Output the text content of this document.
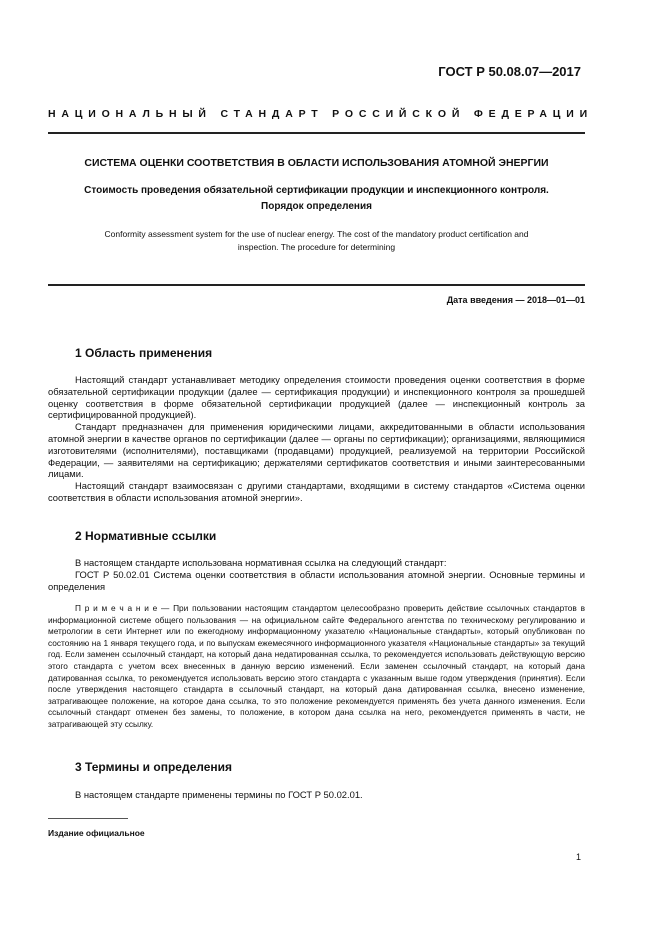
ГОСТ Р 50.08.07—2017
НАЦИОНАЛЬНЫЙ СТАНДАРТ РОССИЙСКОЙ ФЕДЕРАЦИИ
СИСТЕМА ОЦЕНКИ СООТВЕТСТВИЯ В ОБЛАСТИ ИСПОЛЬЗОВАНИЯ АТОМНОЙ ЭНЕРГИИ
Стоимость проведения обязательной сертификации продукции и инспекционного контроля.
Порядок определения
Conformity assessment system for the use of nuclear energy. The cost of the mandatory product certification and
inspection. The procedure for determining
Дата введения — 2018—01—01
1 Область применения

Настоящий стандарт устанавливает методику определения стоимости проведения оценки соответствия в форме обязательной сертификации продукции (далее — сертификация продукции) и инспекционного контроля за прошедшей оценку соответствия в форме обязательной сертификации продукцией (далее — инспекционный контроль за сертифицированной продукцией).

Стандарт предназначен для применения юридическими лицами, аккредитованными в области использования атомной энергии в качестве органов по сертификации (далее — органы по сертификации); организациями, являющимися изготовителями (исполнителями), поставщиками (продавцами) продукцией, реализуемой на территории Российской Федерации, — заявителями на сертификацию; держателями сертификатов соответствия и иными заинтересованными лицами.

Настоящий стандарт взаимосвязан с другими стандартами, входящими в систему стандартов «Система оценки соответствия в области использования атомной энергии».

2 Нормативные ссылки

В настоящем стандарте использована нормативная ссылка на следующий стандарт:

ГОСТ Р 50.02.01 Система оценки соответствия в области использования атомной энергии. Основные термины и определения

П р и м е ч а н и е — При пользовании настоящим стандартом целесообразно проверить действие ссылочных стандартов в информационной системе общего пользования — на официальном сайте Федерального агентства по техническому регулированию и метрологии в сети Интернет или по ежегодному информационному указателю «Национальные стандарты», который опубликован по состоянию на 1 января текущего года, и по выпускам ежемесячного информационного указателя «Национальные стандарты» за текущий год. Если заменен ссылочный стандарт, на который дана недатированная ссылка, то рекомендуется использовать действующую версию этого стандарта с учетом всех внесенных в данную версию изменений. Если заменен ссылочный стандарт, на который дана датированная ссылка, то рекомендуется использовать версию этого стандарта с указанным выше годом утверждения (принятия). Если после утверждения настоящего стандарта в ссылочный стандарт, на который дана датированная ссылка, внесено изменение, затрагивающее положение, на которое дана ссылка, то это положение рекомендуется применять без учета данного изменения. Если ссылочный стандарт отменен без замены, то положение, в котором дана ссылка на него, рекомендуется применять в части, не затрагивающей эту ссылку.

3 Термины и определения

В настоящем стандарте применены термины по ГОСТ Р 50.02.01.

Издание официальное
1
